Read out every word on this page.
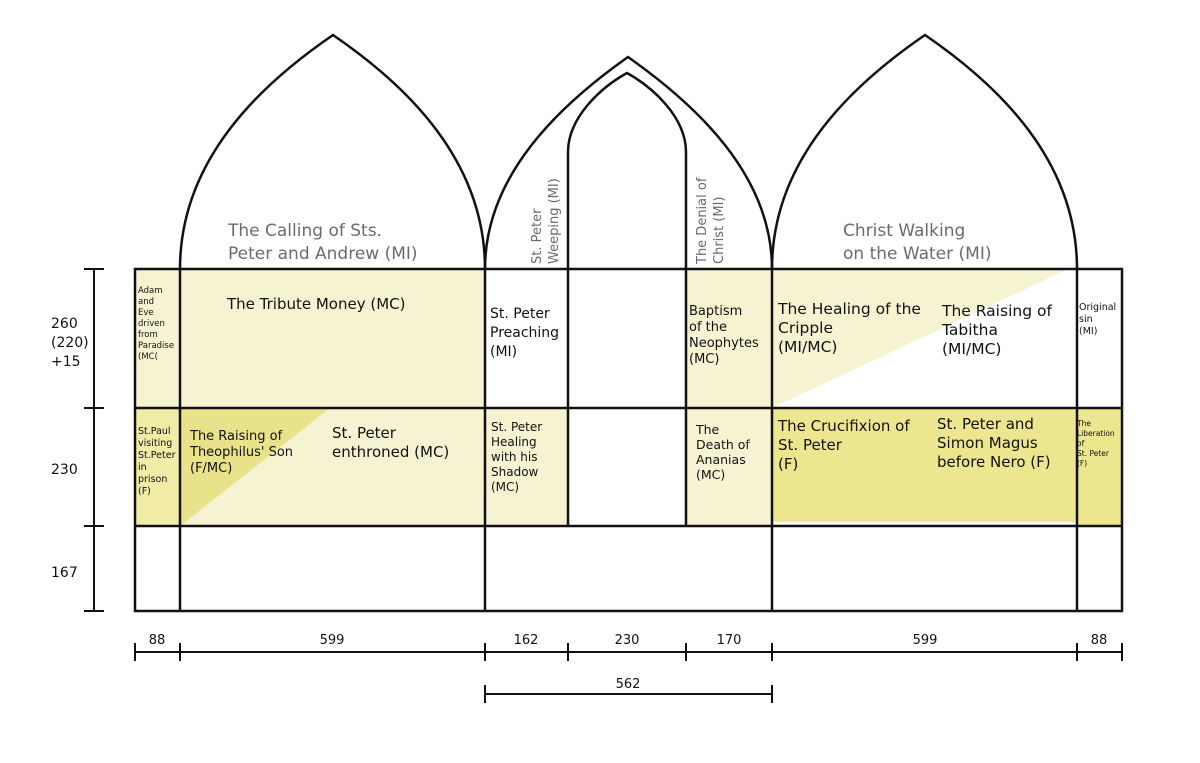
The Calling of Sts. Peter and Andrew (MI)
Christ Walking on the Water (MI)
St. Peter Weeping (MI)	The Denial of Christ (MI)
Adam and Eve driven from Paradise (MC(
The Tribute Money (MC)
St. Peter Preaching (MI)
Baptism of the Neophytes (MC)
The Healing of the Cripple (MI/MC)
The Raising of Tabitha (MI/MC)
Original sin (MI)
St.Paul visiting St.Peter in prison (F)
The Raising of Theophilus' Son (F/MC)
St. Peter enthroned (MC)
St. Peter Healing with his Shadow (MC)
The Death of Ananias (MC)
The Crucifixion of St. Peter (F)
St. Peter and Simon Magus before Nero (F)
The Liberation of St. Peter (F)
260 (220) +15
230
167
88	599	162	230	170	599	88
562
